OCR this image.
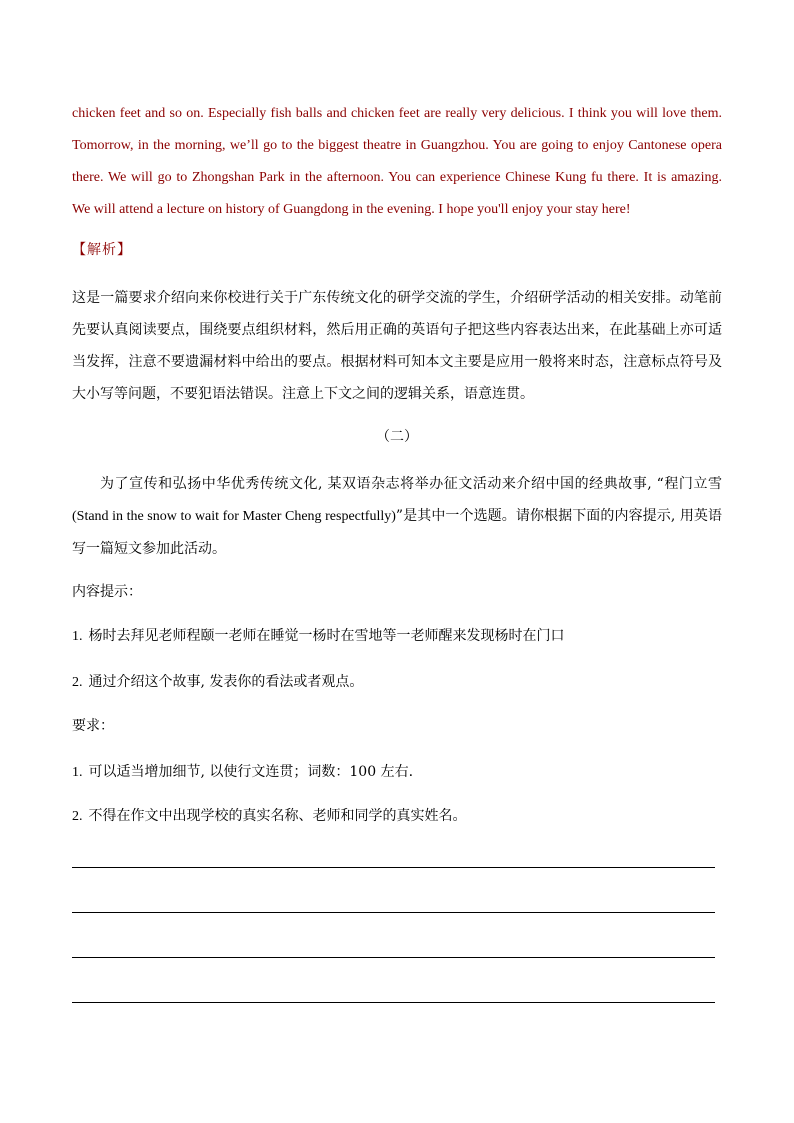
chicken feet and so on. Especially fish balls and chicken feet are really very delicious. I think you will love them. Tomorrow, in the morning, we’ll go to the biggest theatre in Guangzhou. You are going to enjoy Cantonese opera there. We will go to Zhongshan Park in the afternoon. You can experience Chinese Kung fu there. It is amazing.
We will attend a lecture on history of Guangdong in the evening. I hope you'll enjoy your stay here!

【解析】

这是一篇要求介绍向来你校进行关于广东传统文化的研学交流的学生，介绍研学活动的相关安排。动笔前先要认真阅读要点，围绕要点组织材料，然后用正确的英语句子把这些内容表达出来，在此基础上亦可适当发挥，注意不要遗漏材料中给出的要点。根据材料可知本文主要是应用一般将来时态，注意标点符号及大小写等问题，不要犯语法错误。注意上下文之间的逻辑关系，语意连贯。

（二）

为了宣传和弘扬中华优秀传统文化, 某双语杂志将举办征文活动来介绍中国的经典故事, “程门立雪(Stand in the snow to wait for Master Cheng respectfully)”是其中一个选题。请你根据下面的内容提示, 用英语写一篇短文参加此活动。

内容提示：

1. 杨时去拜见老师程颐一老师在睡觉一杨时在雪地等一老师醒来发现杨时在门口

2. 通过介绍这个故事, 发表你的看法或者观点。

要求：

1. 可以适当增加细节, 以使行文连贯；词数：100 左右.

2. 不得在作文中出现学校的真实名称、老师和同学的真实姓名。
